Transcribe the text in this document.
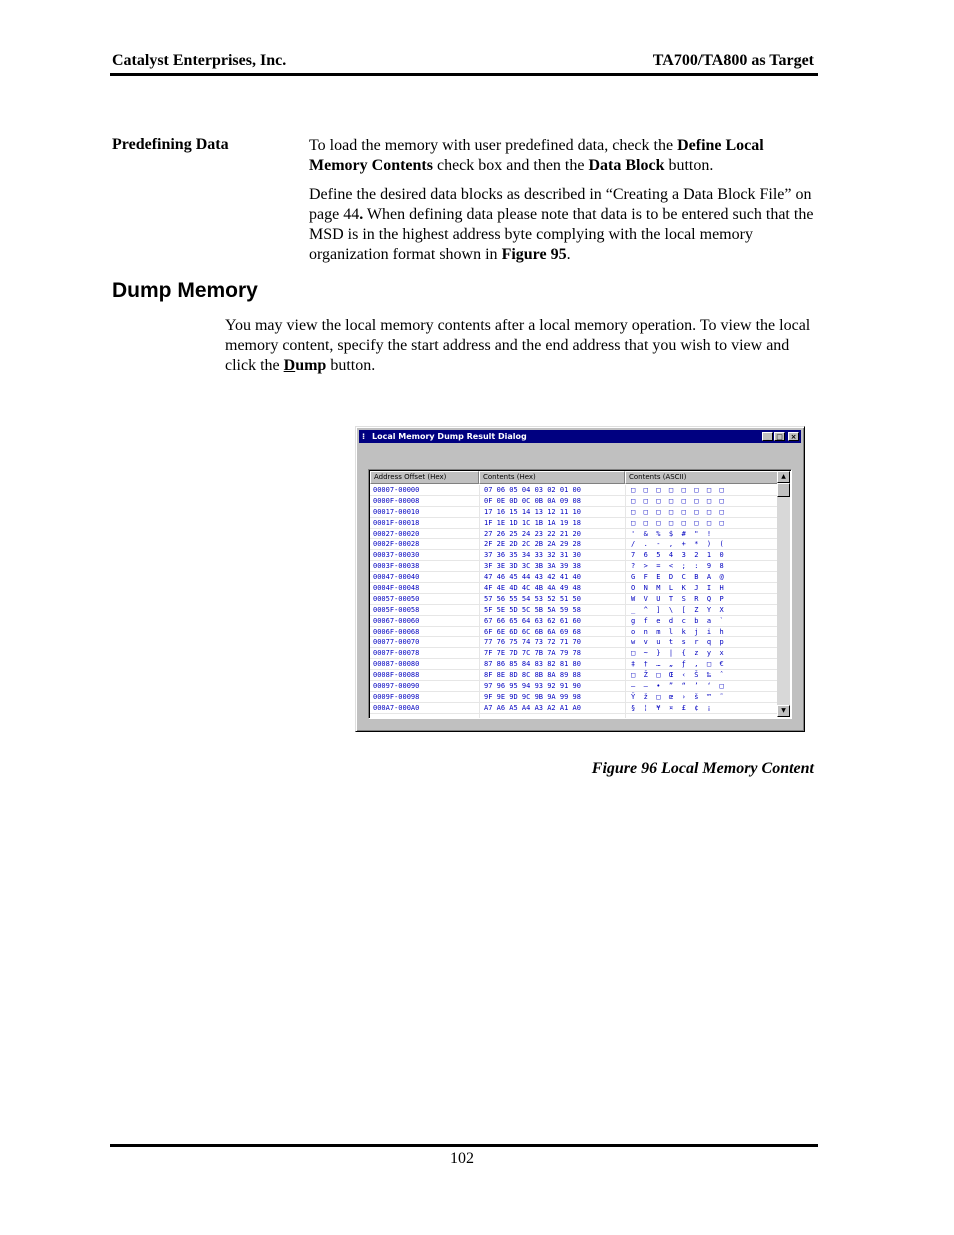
Catalyst Enterprises, Inc.	TA700/TA800 as Target
Predefining Data	To load the memory with user predefined data, check the Define Local Memory Contents check box and then the Data Block button.
Define the desired data blocks as described in “Creating a Data Block File” on page 44. When defining data please note that data is to be entered such that the MSD is in the highest address byte complying with the local memory organization format shown in Figure 95.
Dump Memory
You may view the local memory contents after a local memory operation. To view the local memory content, specify the start address and the end address that you wish to view and click the Dump button.
⁝ Local Memory Dump Result Dialog	_ □	×
Address Offset (Hex)	Contents (Hex)	Contents (ASCII)
00007-00000	07 06 05 04 03 02 01 00	□  □  □  □  □  □  □  □
0000F-00008	0F 0E 0D 0C 0B 0A 09 08	□  □  □  □  □  □  □  □
00017-00010	17 16 15 14 13 12 11 10	□  □  □  □  □  □  □  □
0001F-00018	1F 1E 1D 1C 1B 1A 19 18	□  □  □  □  □  □  □  □
00027-00020	27 26 25 24 23 22 21 20	'  &  %  $  #  "  !
0002F-00028	2F 2E 2D 2C 2B 2A 29 28	/  .  -  ,  +  *  )  (
00037-00030	37 36 35 34 33 32 31 30	7  6  5  4  3  2  1  0
0003F-00038	3F 3E 3D 3C 3B 3A 39 38	?  >  =  <  ;  :  9  8
00047-00040	47 46 45 44 43 42 41 40	G  F  E  D  C  B  A  @
0004F-00048	4F 4E 4D 4C 4B 4A 49 48	O  N  M  L  K  J  I  H
00057-00050	57 56 55 54 53 52 51 50	W  V  U  T  S  R  Q  P
0005F-00058	5F 5E 5D 5C 5B 5A 59 58	_  ^  ]  \  [  Z  Y  X
00067-00060	67 66 65 64 63 62 61 60	g  f  e  d  c  b  a  `
0006F-00068	6F 6E 6D 6C 6B 6A 69 68	o  n  m  l  k  j  i  h
00077-00070	77 76 75 74 73 72 71 70	w  v  u  t  s  r  q  p
0007F-00078	7F 7E 7D 7C 7B 7A 79 78	□  ~  }  |  {  z  y  x
00087-00080	87 86 85 84 83 82 81 80	‡  †  …  „  ƒ  ‚  □  €
0008F-00088	8F 8E 8D 8C 8B 8A 89 88	□  Ž  □  Œ  ‹  Š  ‰  ˆ
00097-00090	97 96 95 94 93 92 91 90	—  –  •  ”  “  ’  ‘  □
0009F-00098	9F 9E 9D 9C 9B 9A 99 98	Ÿ  ž  □  œ  ›  š  ™  ˜
000A7-000A0	A7 A6 A5 A4 A3 A2 A1 A0	§  ¦  ¥  ¤  £  ¢  ¡
▲
▼
Figure 96 Local Memory Content
102
